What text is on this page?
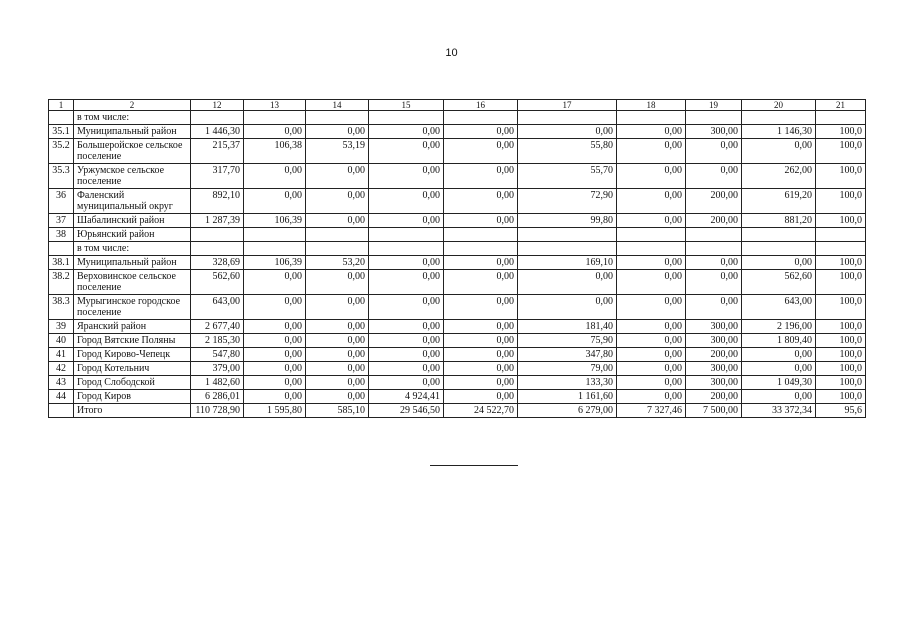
10
1	2	12	13	14	15	16	17	18	19	20	21
	в том числе:										
35.1	Муниципальный район	1 446,30	0,00	0,00	0,00	0,00	0,00	0,00	300,00	1 146,30	100,0
35.2	Большеройское сельское поселение	215,37	106,38	53,19	0,00	0,00	55,80	0,00	0,00	0,00	100,0
35.3	Уржумское сельское поселение	317,70	0,00	0,00	0,00	0,00	55,70	0,00	0,00	262,00	100,0
36	Фаленский муниципальный округ	892,10	0,00	0,00	0,00	0,00	72,90	0,00	200,00	619,20	100,0
37	Шабалинский район	1 287,39	106,39	0,00	0,00	0,00	99,80	0,00	200,00	881,20	100,0
38	Юрьянский район										
	в том числе:										
38.1	Муниципальный район	328,69	106,39	53,20	0,00	0,00	169,10	0,00	0,00	0,00	100,0
38.2	Верховинское сельское поселение	562,60	0,00	0,00	0,00	0,00	0,00	0,00	0,00	562,60	100,0
38.3	Мурыгинское городское поселение	643,00	0,00	0,00	0,00	0,00	0,00	0,00	0,00	643,00	100,0
39	Яранский район	2 677,40	0,00	0,00	0,00	0,00	181,40	0,00	300,00	2 196,00	100,0
40	Город Вятские Поляны	2 185,30	0,00	0,00	0,00	0,00	75,90	0,00	300,00	1 809,40	100,0
41	Город Кирово-Чепецк	547,80	0,00	0,00	0,00	0,00	347,80	0,00	200,00	0,00	100,0
42	Город Котельнич	379,00	0,00	0,00	0,00	0,00	79,00	0,00	300,00	0,00	100,0
43	Город Слободской	1 482,60	0,00	0,00	0,00	0,00	133,30	0,00	300,00	1 049,30	100,0
44	Город Киров	6 286,01	0,00	0,00	4 924,41	0,00	1 161,60	0,00	200,00	0,00	100,0
	Итого	110 728,90	1 595,80	585,10	29 546,50	24 522,70	6 279,00	7 327,46	7 500,00	33 372,34	95,6
